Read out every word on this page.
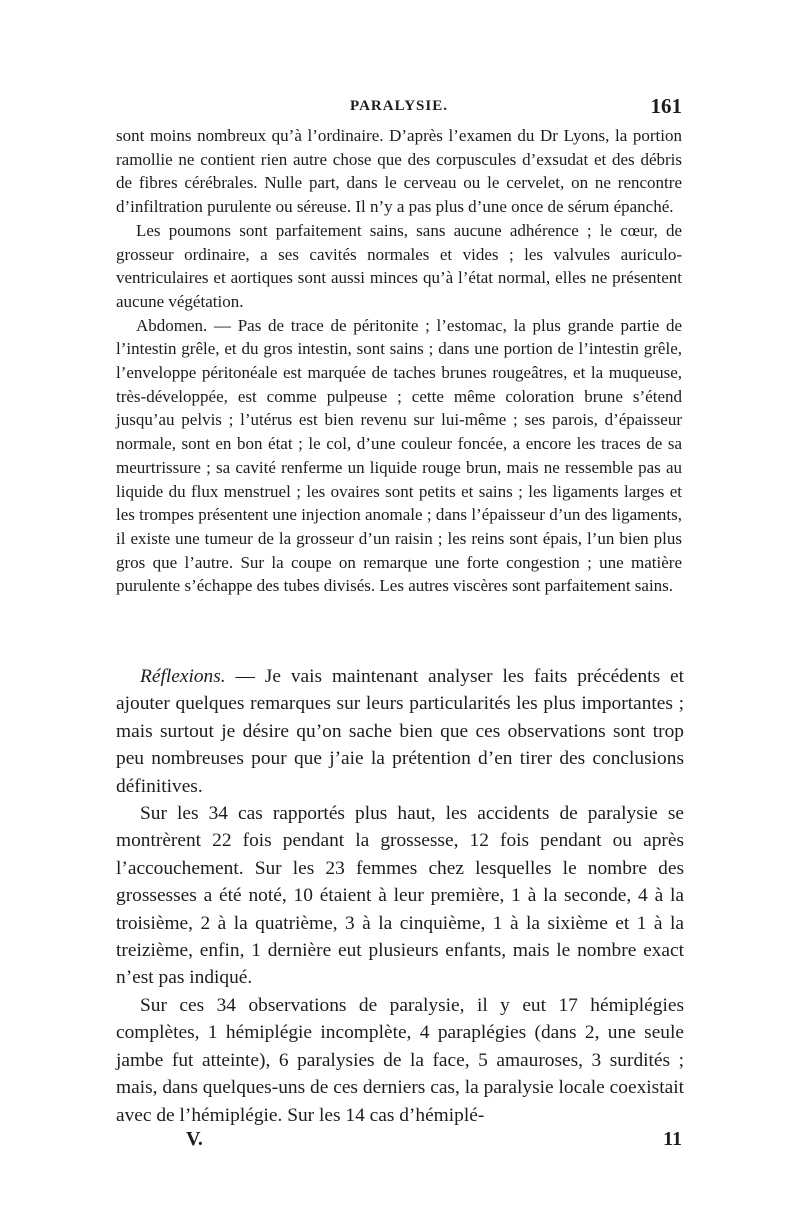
PARALYSIE.	161

sont moins nombreux qu’à l’ordinaire. D’après l’examen du Dr Lyons, la portion ramollie ne contient rien autre chose que des corpuscules d’exsudat et des débris de fibres cérébrales. Nulle part, dans le cerveau ou le cervelet, on ne rencontre d’infiltration purulente ou séreuse. Il n’y a pas plus d’une once de sérum épanché.

Les poumons sont parfaitement sains, sans aucune adhérence ; le cœur, de grosseur ordinaire, a ses cavités normales et vides ; les valvules auriculo-ventriculaires et aortiques sont aussi minces qu’à l’état normal, elles ne présentent aucune végétation.

Abdomen. — Pas de trace de péritonite ; l’estomac, la plus grande partie de l’intestin grêle, et du gros intestin, sont sains ; dans une portion de l’intestin grêle, l’enveloppe péritonéale est marquée de taches brunes rougeâtres, et la muqueuse, très-développée, est comme pulpeuse ; cette même coloration brune s’étend jusqu’au pelvis ; l’utérus est bien revenu sur lui-même ; ses parois, d’épaisseur normale, sont en bon état ; le col, d’une couleur foncée, a encore les traces de sa meurtrissure ; sa cavité renferme un liquide rouge brun, mais ne ressemble pas au liquide du flux menstruel ; les ovaires sont petits et sains ; les ligaments larges et les trompes présentent une injection anomale ; dans l’épaisseur d’un des ligaments, il existe une tumeur de la grosseur d’un raisin ; les reins sont épais, l’un bien plus gros que l’autre. Sur la coupe on remarque une forte congestion ; une matière purulente s’échappe des tubes divisés. Les autres viscères sont parfaitement sains.

Réflexions. — Je vais maintenant analyser les faits précédents et ajouter quelques remarques sur leurs particularités les plus importantes ; mais surtout je désire qu’on sache bien que ces observations sont trop peu nombreuses pour que j’aie la prétention d’en tirer des conclusions définitives.

Sur les 34 cas rapportés plus haut, les accidents de paralysie se montrèrent 22 fois pendant la grossesse, 12 fois pendant ou après l’accouchement. Sur les 23 femmes chez lesquelles le nombre des grossesses a été noté, 10 étaient à leur première, 1 à la seconde, 4 à la troisième, 2 à la quatrième, 3 à la cinquième, 1 à la sixième et 1 à la treizième, enfin, 1 dernière eut plusieurs enfants, mais le nombre exact n’est pas indiqué.

Sur ces 34 observations de paralysie, il y eut 17 hémiplégies complètes, 1 hémiplégie incomplète, 4 paraplégies (dans 2, une seule jambe fut atteinte), 6 paralysies de la face, 5 amauroses, 3 surdités ; mais, dans quelques-uns de ces derniers cas, la paralysie locale coexistait avec de l’hémiplégie. Sur les 14 cas d’hémiplé-

V.	11
